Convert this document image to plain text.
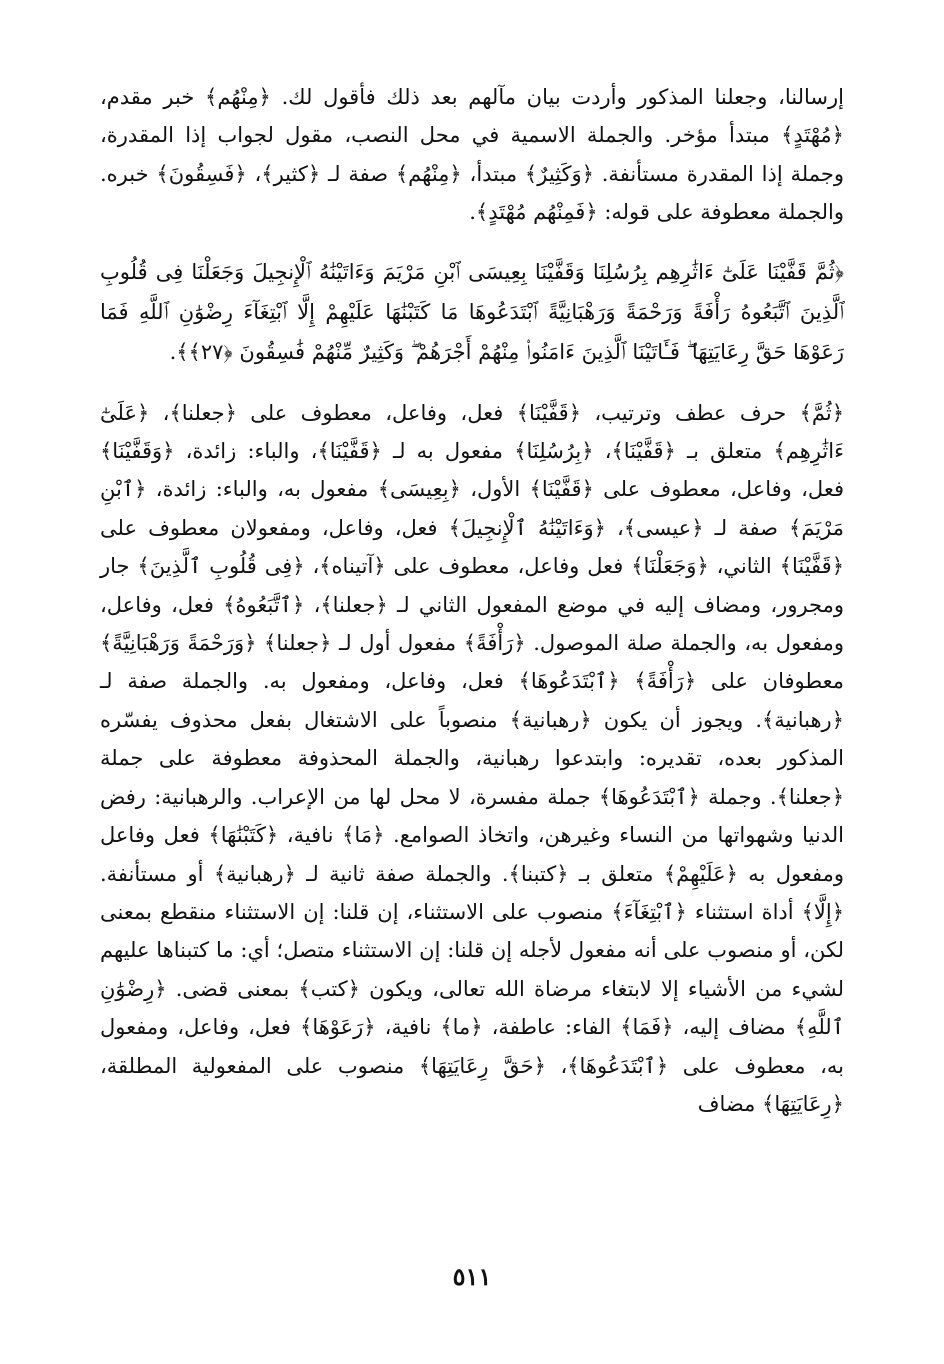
إرسالنا، وجعلنا المذكور وأردت بيان مآلهم بعد ذلك فأقول لك. ﴿مِنْهُم﴾ خبر مقدم، ﴿مُهْتَدٍ﴾ مبتدأ مؤخر. والجملة الاسمية في محل النصب، مقول لجواب إذا المقدرة، وجملة إذا المقدرة مستأنفة. ﴿وَكَثِيرٌ﴾ مبتدأ، ﴿مِنْهُم﴾ صفة لـ ﴿كثير﴾، ﴿فَسِقُونَ﴾ خبره. والجملة معطوفة على قوله: ﴿فَمِنْهُم مُهْتَدٍ﴾.

﴿ثُمَّ قَفَّيْنَا عَلَىٰٓ ءَاثَٰرِهِم بِرُسُلِنَا وَقَفَّيْنَا بِعِيسَى ٱبْنِ مَرْيَمَ وَءَاتَيْنَٰهُ ٱلْإِنجِيلَ وَجَعَلْنَا فِى قُلُوبِ ٱلَّذِينَ ٱتَّبَعُوهُ رَأْفَةً وَرَحْمَةً وَرَهْبَانِيَّةً ٱبْتَدَعُوهَا مَا كَتَبْنَٰهَا عَلَيْهِمْ إِلَّا ٱبْتِغَآءَ رِضْوَٰنِ ٱللَّهِ فَمَا رَعَوْهَا حَقَّ رِعَايَتِهَا ۖ فَـَٔاتَيْنَا ٱلَّذِينَ ءَامَنُوا۟ مِنْهُمْ أَجْرَهُمْ ۖ وَكَثِيرٌ مِّنْهُمْ فَٰسِقُونَ ﴿٢٧﴾﴾.

﴿ثُمَّ﴾ حرف عطف وترتيب، ﴿قَفَّيْنَا﴾ فعل، وفاعل، معطوف على ﴿جعلنا﴾، ﴿عَلَىٰٓ ءَاثَٰرِهِم﴾ متعلق بـ ﴿قَفَّيْنَا﴾، ﴿بِرُسُلِنَا﴾ مفعول به لـ ﴿قَفَّيْنَا﴾، والباء: زائدة، ﴿وَقَفَّيْنَا﴾ فعل، وفاعل، معطوف على ﴿قَفَّيْنَا﴾ الأول، ﴿بِعِيسَى﴾ مفعول به، والباء: زائدة، ﴿ٱبْنِ مَرْيَمَ﴾ صفة لـ ﴿عيسى﴾، ﴿وَءَاتَيْنَٰهُ ٱلْإِنجِيلَ﴾ فعل، وفاعل، ومفعولان معطوف على ﴿قَفَّيْنَا﴾ الثاني، ﴿وَجَعَلْنَا﴾ فعل وفاعل، معطوف على ﴿آتيناه﴾، ﴿فِى قُلُوبِ ٱلَّذِينَ﴾ جار ومجرور، ومضاف إليه في موضع المفعول الثاني لـ ﴿جعلنا﴾، ﴿ٱتَّبَعُوهُ﴾ فعل، وفاعل، ومفعول به، والجملة صلة الموصول. ﴿رَأْفَةً﴾ مفعول أول لـ ﴿جعلنا﴾ ﴿وَرَحْمَةً وَرَهْبَانِيَّةً﴾ معطوفان على ﴿رَأْفَةً﴾ ﴿ٱبْتَدَعُوهَا﴾ فعل، وفاعل، ومفعول به. والجملة صفة لـ ﴿رهبانية﴾. ويجوز أن يكون ﴿رهبانية﴾ منصوباً على الاشتغال بفعل محذوف يفسّره المذكور بعده، تقديره: وابتدعوا رهبانية، والجملة المحذوفة معطوفة على جملة ﴿جعلنا﴾. وجملة ﴿ٱبْتَدَعُوهَا﴾ جملة مفسرة، لا محل لها من الإعراب. والرهبانية: رفض الدنيا وشهواتها من النساء وغيرهن، واتخاذ الصوامع. ﴿مَا﴾ نافية، ﴿كَتَبْنَٰهَا﴾ فعل وفاعل ومفعول به ﴿عَلَيْهِمْ﴾ متعلق بـ ﴿كتبنا﴾. والجملة صفة ثانية لـ ﴿رهبانية﴾ أو مستأنفة. ﴿إِلَّا﴾ أداة استثناء ﴿ٱبْتِغَآءَ﴾ منصوب على الاستثناء، إن قلنا: إن الاستثناء منقطع بمعنى لكن، أو منصوب على أنه مفعول لأجله إن قلنا: إن الاستثناء متصل؛ أي: ما كتبناها عليهم لشيء من الأشياء إلا لابتغاء مرضاة الله تعالى، ويكون ﴿كتب﴾ بمعنى قضى. ﴿رِضْوَٰنِ ٱللَّهِ﴾ مضاف إليه، ﴿فَمَا﴾ الفاء: عاطفة، ﴿ما﴾ نافية، ﴿رَعَوْهَا﴾ فعل، وفاعل، ومفعول به، معطوف على ﴿ٱبْتَدَعُوهَا﴾، ﴿حَقَّ رِعَايَتِهَا﴾ منصوب على المفعولية المطلقة، ﴿رِعَايَتِهَا﴾ مضاف

٥١١
